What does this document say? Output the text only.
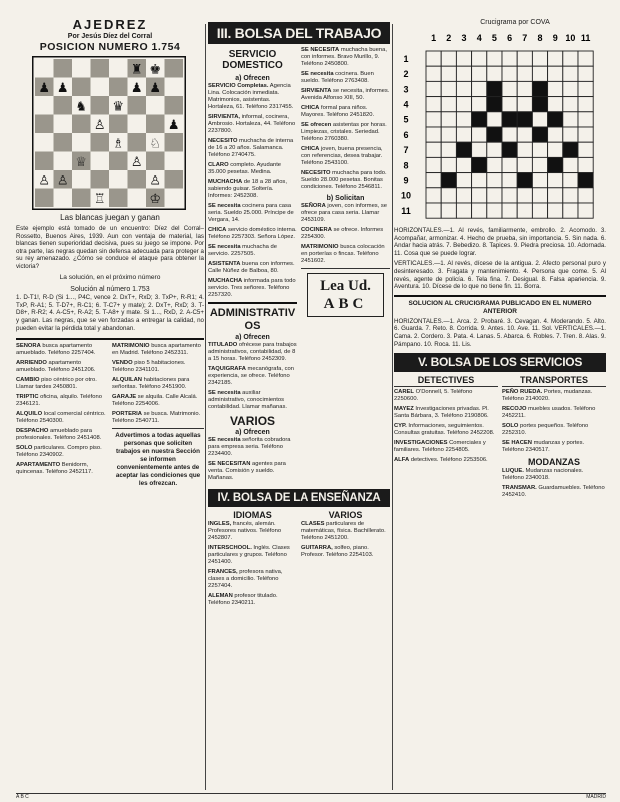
AJEDREZ
Por Jesús Díez del Corral
POSICION NUMERO 1.754
♜ ♚
♟ ♟	♟ ♟
♞ ♛
♙	♟
♗ ♘
♕	♙
♙ ♙	♙
♖	♔
Las blancas juegan y ganan
Este ejemplo está tomado de un encuentro: Díez del Corral–Rossetto, Buenos Aires, 1939. Aun con ventaja de material, las blancas tienen superioridad decisiva, pues su juego se impone. Por otra parte, las negras quedan sin defensa adecuada para proteger a su rey amenazado. ¿Cómo se conduce el ataque para obtener la victoria?
La solución, en el próximo número
Solución al número 1.753
1. D-T1!, R-D (Si 1..., P4C, vence 2. DxT+, RxD; 3. TxP+, R-R1; 4. TxP, R-A1; 5. T-D7+, R-C1; 6. T-C7+ y mate); 2. DxT+, RxD; 3. T-D8+, R-R2; 4. A-C5+, R-A2; 5. T-A8+ y mate. Si 1..., RxD, 2. A-C5+ y ganan. Las negras, que se ven forzadas a entregar la calidad, no pueden evitar la pérdida total y abandonan.
SEÑORA busca apartamento amueblado. Teléfono 2257404.
ARRIENDO apartamento amueblado. Teléfono 2451206.
CAMBIO piso céntrico por otro. Llamar tardes 2450801.
TRIPTIC oficina, alquilo. Teléfono 2346121.
ALQUILO local comercial céntrico. Teléfono 2540300.
DESPACHO amueblado para profesionales. Teléfono 2451408.
SOLO particulares. Compro piso. Teléfono 2340902.
APARTAMENTO Benidorm, quincenas. Teléfono 2452117.
MATRIMONIO busca apartamento en Madrid. Teléfono 2452311.
VENDO piso 5 habitaciones. Teléfono 2341101.
ALQUILAN habitaciones para señoritas. Teléfono 2451900.
GARAJE se alquila. Calle Alcalá. Teléfono 2254006.
PORTERIA se busca. Matrimonio. Teléfono 2540711.
Advertimos a todas aquellas personas que soliciten trabajos en nuestra Sección se informen convenientemente antes de aceptar las condiciones que les ofrezcan.
III. BOLSA DEL TRABAJO
SERVICIO DOMESTICO
a) Ofrecen
SERVICIO Completas. Agencia Lina. Colocación inmediata. Matrimonios, asistentas. Hortaleza, 61. Teléfono 2317455.
SIRVIENTA, informal, cocinera, Ambrosio. Hortaleza, 44. Teléfono 2237800.
NECESITO muchacha de interna de 16 a 20 años. Salamanca. Teléfono 2740475.
CLARO completo. Ayudante 35.000 pesetas. Medina.
MUCHACHA de 18 a 28 años, sabiendo guisar. Soltería. Informes: 2452308.
SE necesita cocinera para casa seria. Sueldo 25.000. Príncipe de Vergara, 14.
CHICA servicio doméstico interna. Teléfono 2257303. Señora López.
SE necesita muchacha de servicio. 2257505.
ASISTENTA buena con informes. Calle Núñez de Balboa, 80.
MUCHACHA informada para todo servicio. Tres señores. Teléfono 2257320.
ADMINISTRATIVOS
a) Ofrecen
TITULADO ofrécese para trabajos administrativos, contabilidad, de 8 a 15 horas. Teléfono 2452309.
TAQUIGRAFA mecanógrafa, con experiencia, se ofrece. Teléfono 2342185.
SE necesita auxiliar administrativo, conocimientos contabilidad. Llamar mañanas.
VARIOS
a) Ofrecen
SE necesita señorita cobradora para empresa seria. Teléfono 2234400.
SE NECESITAN agentes para venta. Comisión y sueldo. Mañanas.
SE NECESITA muchacha buena, con informes. Bravo Murillo, 9. Teléfono 2450800.
SE necesita cocinera. Buen sueldo. Teléfono 2763408.
SIRVIENTA se necesita, informes. Avenida Alfonso XIII, 50.
CHICA formal para niños. Mayores. Teléfono 2451820.
SE ofrecen asistentas por horas. Limpiezas, cristales. Seriedad. Teléfono 2760380.
CHICA joven, buena presencia, con referencias, desea trabajar. Teléfono 2543100.
NECESITO muchacha para todo. Sueldo 28.000 pesetas. Bonitas condiciones. Teléfono 2546811.
b) Solicitan
SEÑORA joven, con informes, se ofrece para casa seria. Llamar 2453109.
COCINERA se ofrece. Informes 2254300.
MATRIMONIO busca colocación en porterías o fincas. Teléfono 2451602.
Lea Ud.
ABC
IV. BOLSA DE LA ENSEÑANZA
IDIOMAS
INGLES, francés, alemán. Profesores nativos. Teléfono 2452807.
INTERSCHOOL. Inglés. Clases particulares y grupos. Teléfono 2451400.
FRANCES, profesora nativa, clases a domicilio. Teléfono 2257404.
ALEMAN profesor titulado. Teléfono 2340211.
VARIOS
CLASES particulares de matemáticas, física. Bachillerato. Teléfono 2451200.
GUITARRA, solfeo, piano. Profesor. Teléfono 2254103.
Crucigrama por COVA
1 2 3 4 5 6 7 8 9 10 11
1
2
3
4
5
6
7
8
9
10
11
HORIZONTALES.—1. Al revés, familiarmente, embrollo. 2. Acomodo. 3. Acompañar, armonizar. 4. Hecho de prueba, sin importancia. 5. Sin nada. 6. Andar hacia atrás. 7. Bebedizo. 8. Tapices. 9. Piedra preciosa. 10. Adornada. 11. Cosa que se puede lograr.
VERTICALES.—1. Al revés, dícese de la antigua. 2. Afecto personal puro y desinteresado. 3. Fragata y mantenimiento. 4. Persona que come. 5. Al revés, agente de policía. 6. Tela fina. 7. Desigual. 8. Falsa apariencia. 9. Aventura. 10. Dícese de lo que no tiene fin. 11. Borra.
SOLUCION AL CRUCIGRAMA PUBLICADO EN EL NUMERO ANTERIOR
HORIZONTALES.—1. Arca. 2. Probaré. 3. Cevagan. 4. Moderando. 5. Alto. 6. Guarda. 7. Reto. 8. Corrida. 9. Antes. 10. Ave. 11. Sol. VERTICALES.—1. Cama. 2. Cordero. 3. Pata. 4. Lanas. 5. Abarca. 6. Robles. 7. Tren. 8. Alas. 9. Pámpano. 10. Roca. 11. Lis.
V. BOLSA DE LOS SERVICIOS
DETECTIVES
CAREL O'Donnell, 5. Teléfono 2250600.
MAYEZ Investigaciones privadas. Pl. Santa Bárbara, 3. Teléfono 2190806.
CYP. Informaciones, seguimientos. Consultas gratuitas. Teléfono 2452208.
INVESTIGACIONES Comerciales y familiares. Teléfono 2254805.
ALFA detectives. Teléfono 2253506.
TRANSPORTES
PEÑO RUEDA. Portes, mudanzas. Teléfono 2140020.
RECOJO muebles usados. Teléfono 2452211.
SOLO portes pequeños. Teléfono 2252310.
SE HACEN mudanzas y portes. Teléfono 2340517.
MODANZAS
LUQUE. Mudanzas nacionales. Teléfono 2340018.
TRANSMAR. Guardamuebles. Teléfono 2452410.
A B C	MADRID
